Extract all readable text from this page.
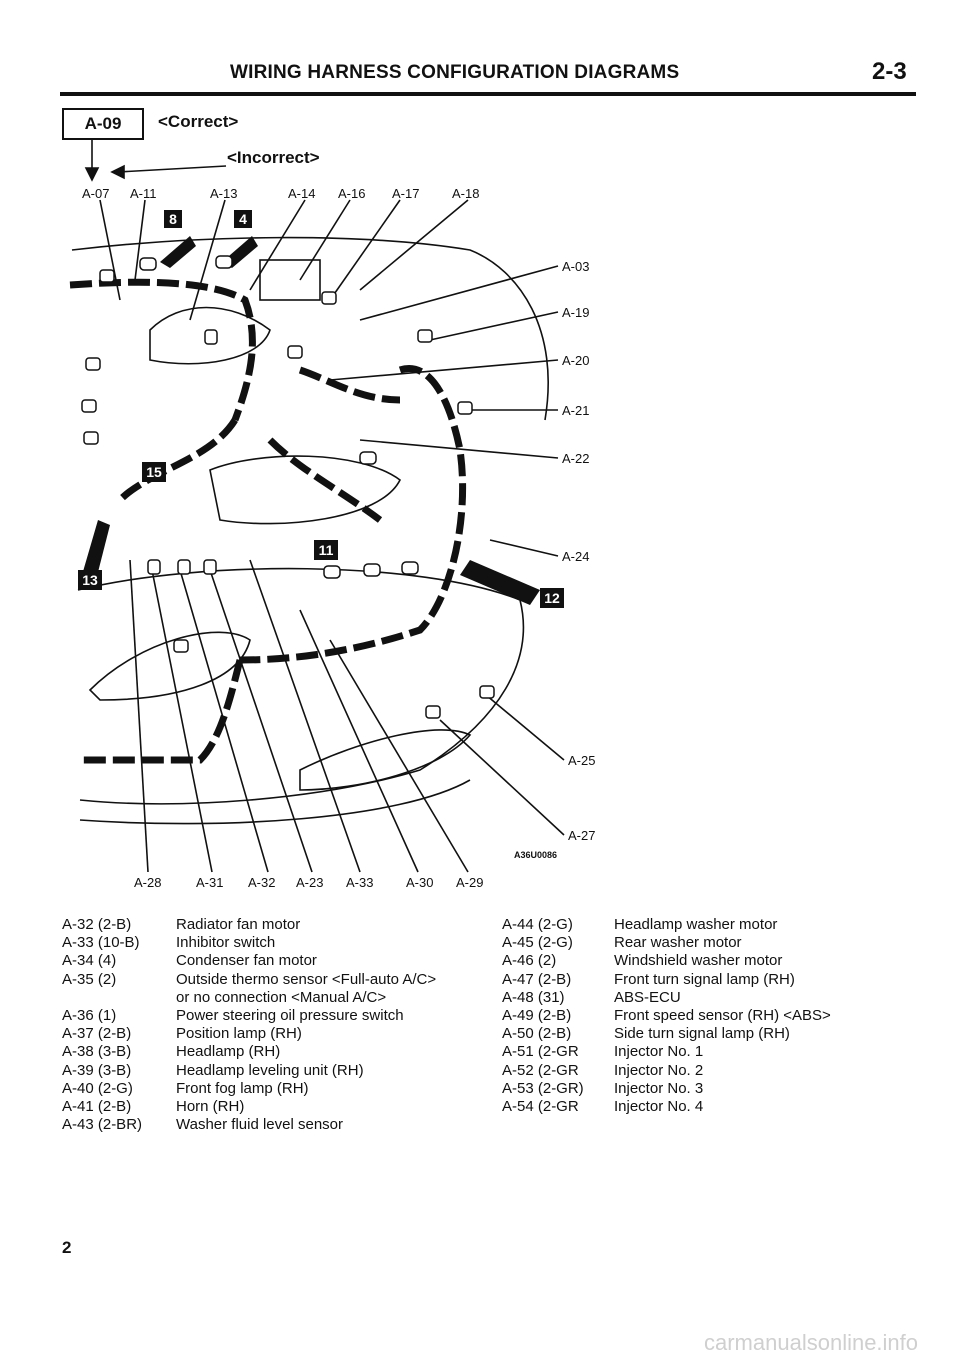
WIRING HARNESS CONFIGURATION DIAGRAMS	2-3
A-09	<Correct>
<Incorrect>
8	4
15
11
13
12
A-07 A-11	A-13	A-14 A-16 A-17	A-18
A-03
A-19
A-20
A-21
A-22
A-24
A-25
A-27
A36U0086
A-28	A-31 A-32 A-23 A-33	A-30 A-29
A-32 (2-B)	Radiator fan motor
A-33 (10-B)	Inhibitor switch
A-34 (4)	Condenser fan motor
A-35 (2)	Outside thermo sensor <Full-auto A/C>
or no connection <Manual A/C>
A-36 (1)	Power steering oil pressure switch
A-37 (2-B)	Position lamp (RH)
A-38 (3-B)	Headlamp (RH)
A-39 (3-B)	Headlamp leveling unit (RH)
A-40 (2-G)	Front fog lamp (RH)
A-41 (2-B)	Horn (RH)
A-43 (2-BR)	Washer fluid level sensor
A-44 (2-G)	Headlamp washer motor
A-45 (2-G)	Rear washer motor
A-46 (2)	Windshield washer motor
A-47 (2-B)	Front turn signal lamp (RH)
A-48 (31)	ABS-ECU
A-49 (2-B)	Front speed sensor (RH) <ABS>
A-50 (2-B)	Side turn signal lamp (RH)
A-51 (2-GR	Injector No. 1
A-52 (2-GR	Injector No. 2
A-53 (2-GR)	Injector No. 3
A-54 (2-GR	Injector No. 4
2
carmanualsonline.info
